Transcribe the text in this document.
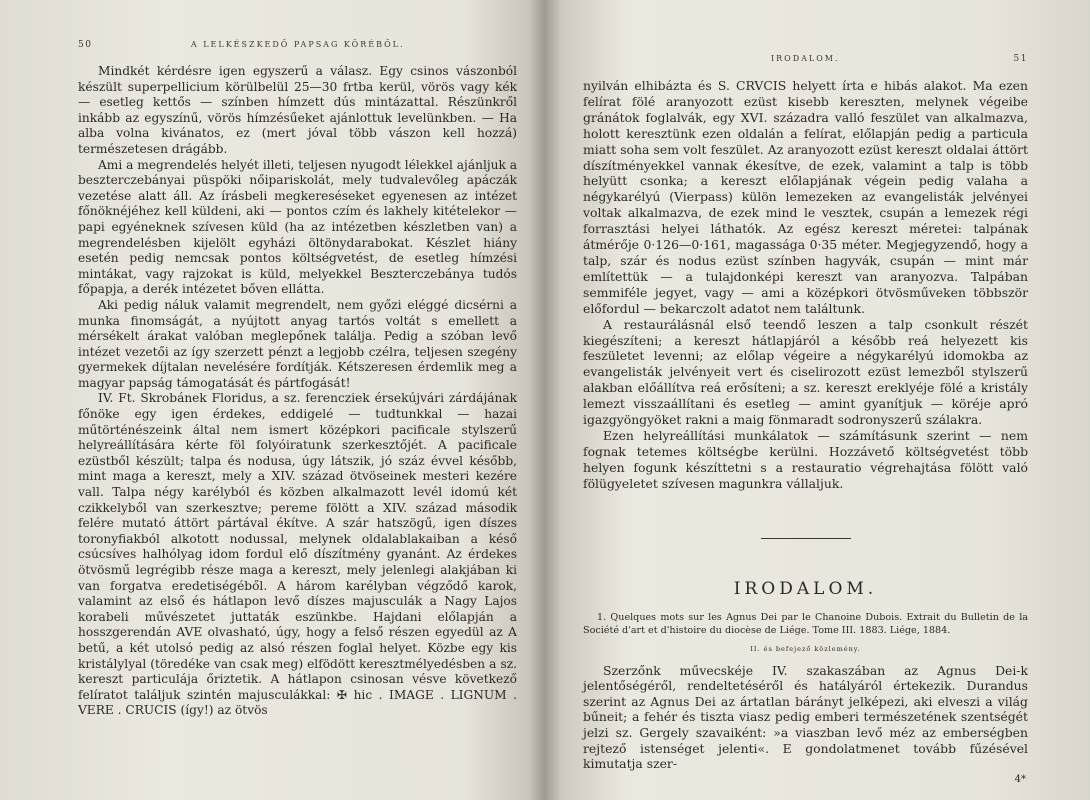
50	A LELKÉSZKEDŐ PAPSAG KÖRÉBŐL.

Mindkét kérdésre igen egyszerű a válasz. Egy csinos vászonból készült superpellicium körülbelül 25—30 frtba kerül, vörös vagy kék — esetleg kettős — színben hímzett dús mintázattal. Részünkről inkább az egyszínű, vörös hímzésűeket ajánlottuk levelünkben. — Ha alba volna kivánatos, ez (mert jóval több vászon kell hozzá) természetesen drágább.

Ami a megrendelés helyét illeti, teljesen nyugodt lélekkel ajánljuk a beszterczebányai püspöki nőipariskolát, mely tudvalevőleg apáczák vezetése alatt áll. Az írásbeli megkereséseket egyenesen az intézet főnöknéjéhez kell küldeni, aki — pontos czím és lakhely kitételekor — papi egyéneknek szívesen küld (ha az intézetben készletben van) a megrendelésben kijelölt egyházi öltönydarabokat. Készlet hiány esetén pedig nemcsak pontos költségvetést, de esetleg hímzési mintákat, vagy rajzokat is küld, melyekkel Beszterczebánya tudós főpapja, a derék intézetet bőven ellátta.

Aki pedig náluk valamit megrendelt, nem győzi eléggé dicsérni a munka finomságát, a nyújtott anyag tartós voltát s emellett a mérsékelt árakat valóban meglepőnek találja. Pedig a szóban levő intézet vezetői az így szerzett pénzt a legjobb czélra, teljesen szegény gyermekek díjtalan nevelésére fordítják. Kétszeresen érdemlik meg a magyar papság támogatását és pártfogását!

IV. Ft. Skrobánek Floridus, a sz. ferencziek érsekújvári zárdájának főnöke egy igen érdekes, eddigelé — tudtunkkal — hazai műtörténészeink által nem ismert középkori pacificale stylszerű helyreállítására kérte föl folyóiratunk szerkesztőjét. A pacificale ezüstből készült; talpa és nodusa, úgy látszik, jó száz évvel később, mint maga a kereszt, mely a XIV. század ötvöseinek mesteri kezére vall. Talpa négy karélyból és közben alkalmazott levél idomú két czikkelyből van szerkesztve; pereme fölött a XIV. század második felére mutató áttört pártával ékítve. A szár hatszögű, igen díszes toronyfiakból alkotott nodussal, melynek oldalablakaiban a késő csúcsíves halhólyag idom fordul elő díszítmény gyanánt. Az érdekes ötvösmű legrégibb része maga a kereszt, mely jelenlegi alakjában ki van forgatva eredetiségéből. A három karélyban végződő karok, valamint az első és hátlapon levő díszes majusculák a Nagy Lajos korabeli művészetet juttaták eszünkbe. Hajdani előlapján a hosszgerendán AVE olvasható, úgy, hogy a felső részen egyedül az A betű, a két utolsó pedig az alsó részen foglal helyet. Közbe egy kis kristálylyal (töredéke van csak meg) elfödött keresztmélyedésben a sz. kereszt particulája őriztetik. A hátlapon csinosan vésve következő felíratot találjuk szintén majusculákkal: ✠ hic . IMAGE . LIGNUM . VERE . CRUCIS (így!) az ötvös

IRODALOM.	51

nyilván elhibázta és S. CRVCIS helyett írta e hibás alakot. Ma ezen felírat fölé aranyozott ezüst kisebb kereszten, melynek végeibe gránátok foglalvák, egy XVI. századra valló feszület van alkalmazva, holott keresztünk ezen oldalán a felírat, előlapján pedig a particula miatt soha sem volt feszület. Az aranyozott ezüst kereszt oldalai áttört díszítményekkel vannak ékesítve, de ezek, valamint a talp is több helyütt csonka; a kereszt előlapjának végein pedig valaha a négykarélyú (Vierpass) külön lemezeken az evangelisták jelvényei voltak alkalmazva, de ezek mind le vesztek, csupán a lemezek régi forrasztási helyei láthatók. Az egész kereszt méretei: talpának átmérője 0·126—0·161, magassága 0·35 méter. Megjegyzendő, hogy a talp, szár és nodus ezüst színben hagyvák, csupán — mint már említettük — a tulajdonképi kereszt van aranyozva. Talpában semmiféle jegyet, vagy — ami a középkori ötvösműveken többször előfordul — bekarczolt adatot nem találtunk.

A restaurálásnál első teendő leszen a talp csonkult részét kiegészíteni; a kereszt hátlapjáról a később reá helyezett kis feszületet levenni; az előlap végeire a négykarélyú idomokba az evangelisták jelvényeit vert és ciselirozott ezüst lemezből stylszerű alakban előállítva reá erősíteni; a sz. kereszt ereklyéje fölé a kristály lemezt visszaállítani és esetleg — amint gyanítjuk — köréje apró igazgyöngyöket rakni a maig fönmaradt sodronyszerű szálakra.

Ezen helyreállítási munkálatok — számításunk szerint — nem fognak tetemes költségbe kerülni. Hozzávető költségvetést több helyen fogunk készíttetni s a restauratio végrehajtása fölött való fölügyeletet szívesen magunkra vállaljuk.

IRODALOM.

1. Quelques mots sur les Agnus Dei par le Chanoine Dubois. Extrait du Bulletin de la Société d'art et d'histoire du diocèse de Liége. Tome III. 1883. Liége, 1884.

II. és befejező közlemény.

Szerzőnk művecskéje IV. szakaszában az Agnus Dei-k jelentőségéről, rendeltetéséről és hatályáról értekezik. Durandus szerint az Agnus Dei az ártatlan bárányt jelképezi, aki elveszi a világ bűneit; a fehér és tiszta viasz pedig emberi természetének szentségét jelzi sz. Gergely szavaiként: »a viaszban levő méz az emberségben rejtező istenséget jelenti«. E gondolatmenet tovább fűzésével kimutatja szer-

4*
